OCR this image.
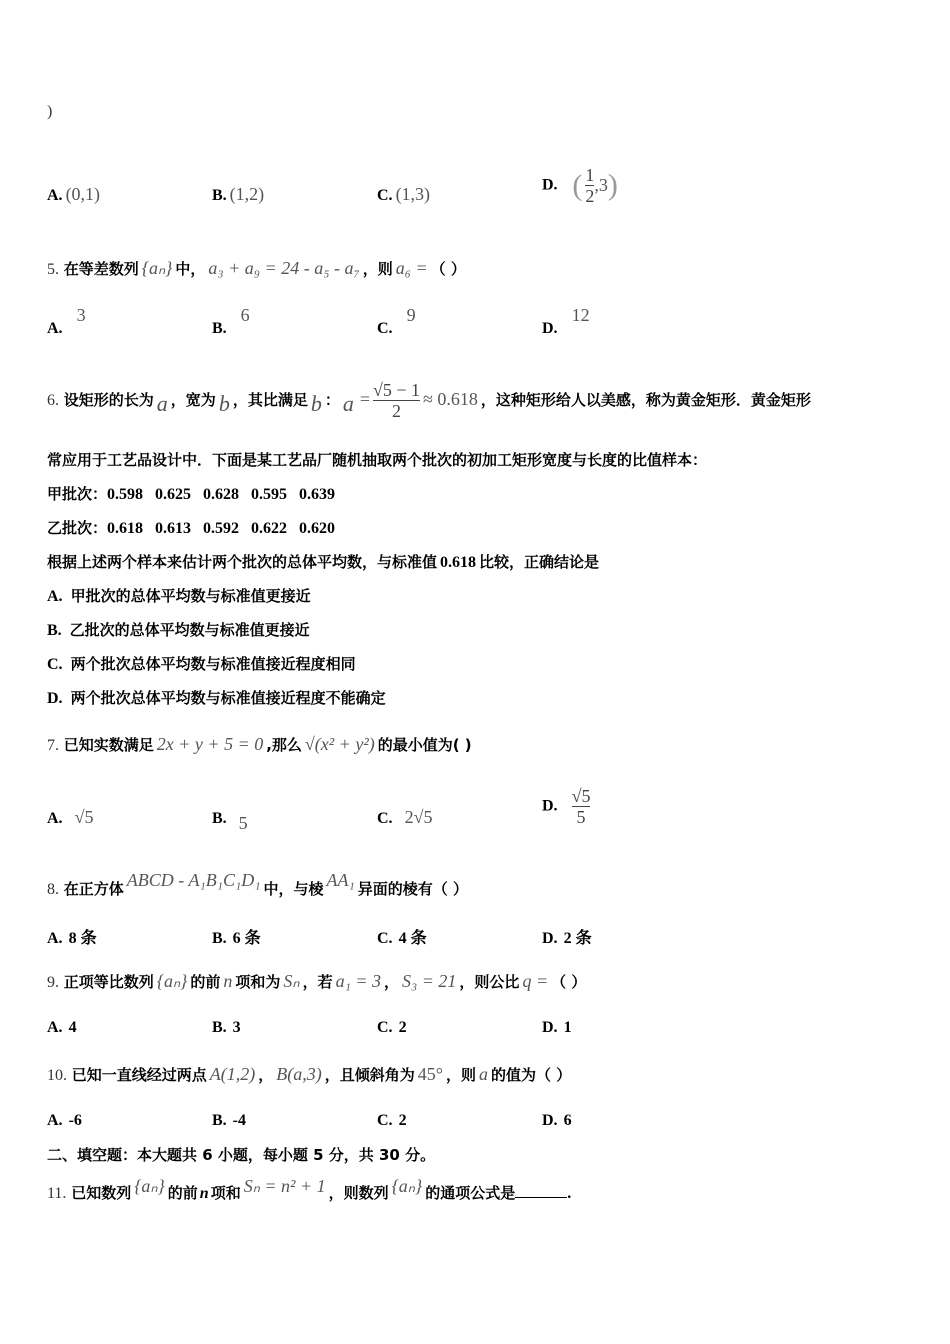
)
A. (0,1)	B. (1,2)	C. (1,3)	D. ( $\frac{1}{2} ,3$)
5. 在等差数列 {aₙ} 中， a₃ + a₉ = 24 - a₅ - a₇ ，则 a₆ = （ ）
A.3
B.6
C.9
D.12
6. 设矩形的长为 a ，宽为 b ，其比满足 b ： $a = \frac{√5 - 1}{2} \approx 0.618$ ，这种矩形给人以美感，称为黄金矩形．黄金矩形
常应用于工艺品设计中．下面是某工艺品厂随机抽取两个批次的初加工矩形宽度与长度的比值样本：
甲批次：0.598   0.625   0.628   0.595   0.639
乙批次：0.618   0.613   0.592   0.622   0.620
根据上述两个样本来估计两个批次的总体平均数，与标准值 0.618 比较，正确结论是
A. 甲批次的总体平均数与标准值更接近
B. 乙批次的总体平均数与标准值更接近
C. 两个批次总体平均数与标准值接近程度相同
D. 两个批次总体平均数与标准值接近程度不能确定
7. 已知实数满足 2x + y + 5 = 0 ,那么 √(x² + y²) 的最小值为( )
A. √5	B. 5	C. 2√5
D. $\frac{√5}{5}$
8. 在正方体 ABCD - A₁B₁C₁D₁ 中，与棱 AA₁ 异面的棱有（ ）
A. 8 条	B. 6 条	C. 4 条	D. 2 条
9. 正项等比数列 {aₙ} 的前 n 项和为 Sₙ ，若 a₁ = 3 ， S₃ = 21 ，则公比 q = （ ）
A. 4	B. 3	C. 2	D. 1
10. 已知一直线经过两点 A(1,2) ， B(a,3) ，且倾斜角为 45° ，则 a 的值为（ ）
A. -6	B. -4	C. 2	D. 6
二、填空题：本大题共 6 小题，每小题 5 分，共 30 分。
11. 已知数列 {aₙ} 的前 n 项和 Sₙ = n² + 1 ，则数列 {aₙ} 的通项公式是	.
